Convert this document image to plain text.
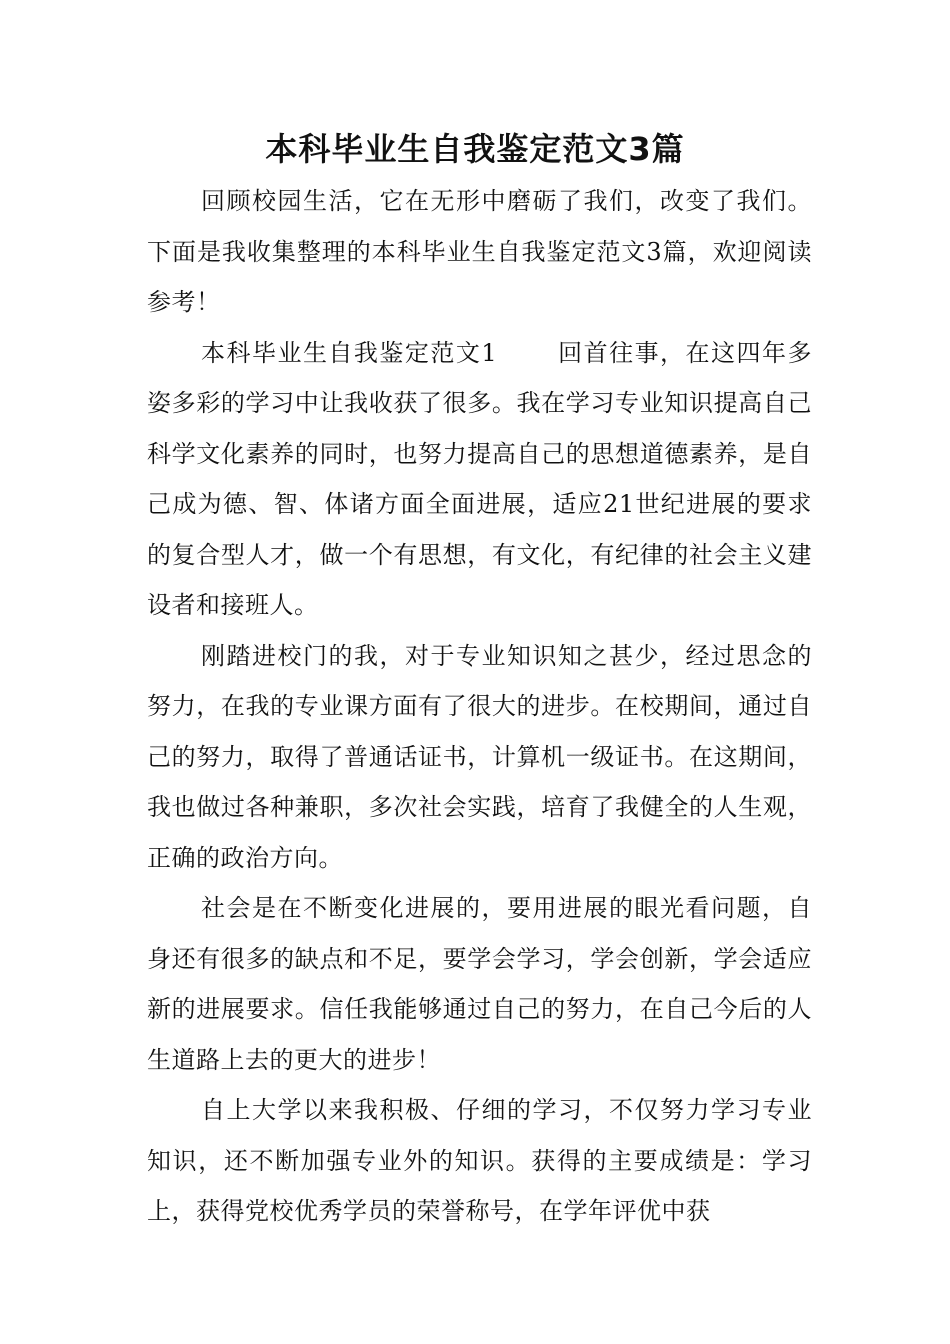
本科毕业生自我鉴定范文3篇

回顾校园生活，它在无形中磨砺了我们，改变了我们。下面是我收集整理的本科毕业生自我鉴定范文3篇，欢迎阅读参考！

本科毕业生自我鉴定范文1	回首往事，在这四年多姿多彩的学习中让我收获了很多。我在学习专业知识提高自己科学文化素养的同时，也努力提高自己的思想道德素养，是自己成为德、智、体诸方面全面进展，适应21世纪进展的要求的复合型人才，做一个有思想，有文化，有纪律的社会主义建设者和接班人。

刚踏进校门的我，对于专业知识知之甚少，经过思念的努力，在我的专业课方面有了很大的进步。在校期间，通过自己的努力，取得了普通话证书，计算机一级证书。在这期间，我也做过各种兼职，多次社会实践，培育了我健全的人生观，正确的政治方向。

社会是在不断变化进展的，要用进展的眼光看问题，自身还有很多的缺点和不足，要学会学习，学会创新，学会适应新的进展要求。信任我能够通过自己的努力，在自己今后的人生道路上去的更大的进步！

自上大学以来我积极、仔细的学习，不仅努力学习专业知识，还不断加强专业外的知识。获得的主要成绩是：学习上，获得党校优秀学员的荣誉称号，在学年评优中获
